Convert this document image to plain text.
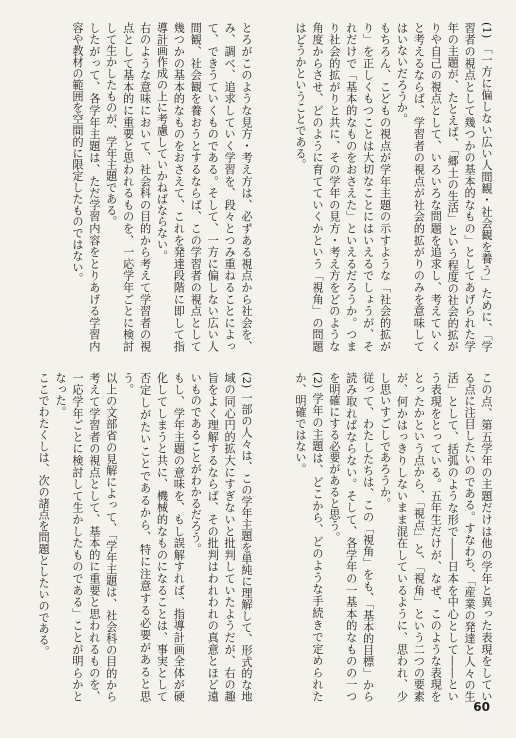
とろがこのような見方・考え方は、必ずある視点から社会を、み、調べ、追求していく学習を、段々とつみ重ねることによって、できうていくものである。そして、一方に偏しない広い人間観、社会観を養おうとするならば、この学習者の視点として幾つかの基本的なものをおさえて、これを発達段階に即して指導計画作成の上に考慮していかねばならない。

右のような意味において、社会科の目的から考えて学習者の視点として基本的に重要と思われるものを、一応学年ごとに検討して生かしたものが、学年主題である。

したがって、各学年主題は、ただ学習内容をとりあげる学習内容や教材の範囲を空間的に限定したものではない。

(2) 一部の人々は、この学年主題を単純に理解して、形式的な地域の同心円的拡大にすぎないと批判していたようだが、右の趣旨をよく理解するならば、その批判はわれわれの真意とほど遠いものであることがわかるだろう。

もし、学年主題の意味を、もし誤解すれば、指導計画全体が硬化してしまうと共に、機械的なものになることは、事実として否定しがたいことであるから、特に注意する必要があると思う。

以上の文部省の見解によって、「学年主題は、社会科の目的から考えて学習者の視点として、基本的に重要と思われるものを、一応学年ごとに検討して生かしたものである」ことが明らかとなった。

ここでわたくしは、次の諸点を問題としたいのである。

(1) 「一方に偏しない広い人間観・社会観を養う」ために、「学習者の視点として幾つかの基本的なもの」としてあげられた学年の主題が、たとえば、「郷土の生活」という程度の社会的拡がりや自己の視点として、いろいろな問題を追求し、考えていくと考えるならば、学習者の視点が社会的拡がりのみを意味してはいないだろうか。

もちろん、こどもの視点が学年主題の示すような「社会的拡がり」を正しくもつことは大切なことにはいえるでしょうが、それだけで「基本的なものをおさえた」といえるだろうか。つまり社会的拡がりと共に、その学年の見方・考え方をどのような角度からさせ、どのように育てていくかという「視角」の問題はどうかということである。

この点、第五学年の主題だけは他の学年と異った表現をしている点に注目したいのである。すなわち、「産業の発達と人々の生活」として、括弧のような形で――日本を中心として――という表現をとっている。五年生だけが、なぜ、このような表現をとったかという点から、「視点」と、「視角」という二つの要素が、何かはっきりしないまま混在しているように、思われ、少し思いすごしであろうか。

従って、わたしたちは、この「視角」をも、「基本的目標」から読み取ればならない。そして、各学年の一基本的なものの一つを明確にする必要があると思う。

(2) 学年の主題は、どこから、どのような手続きで定められたか、明確ではない。

60
